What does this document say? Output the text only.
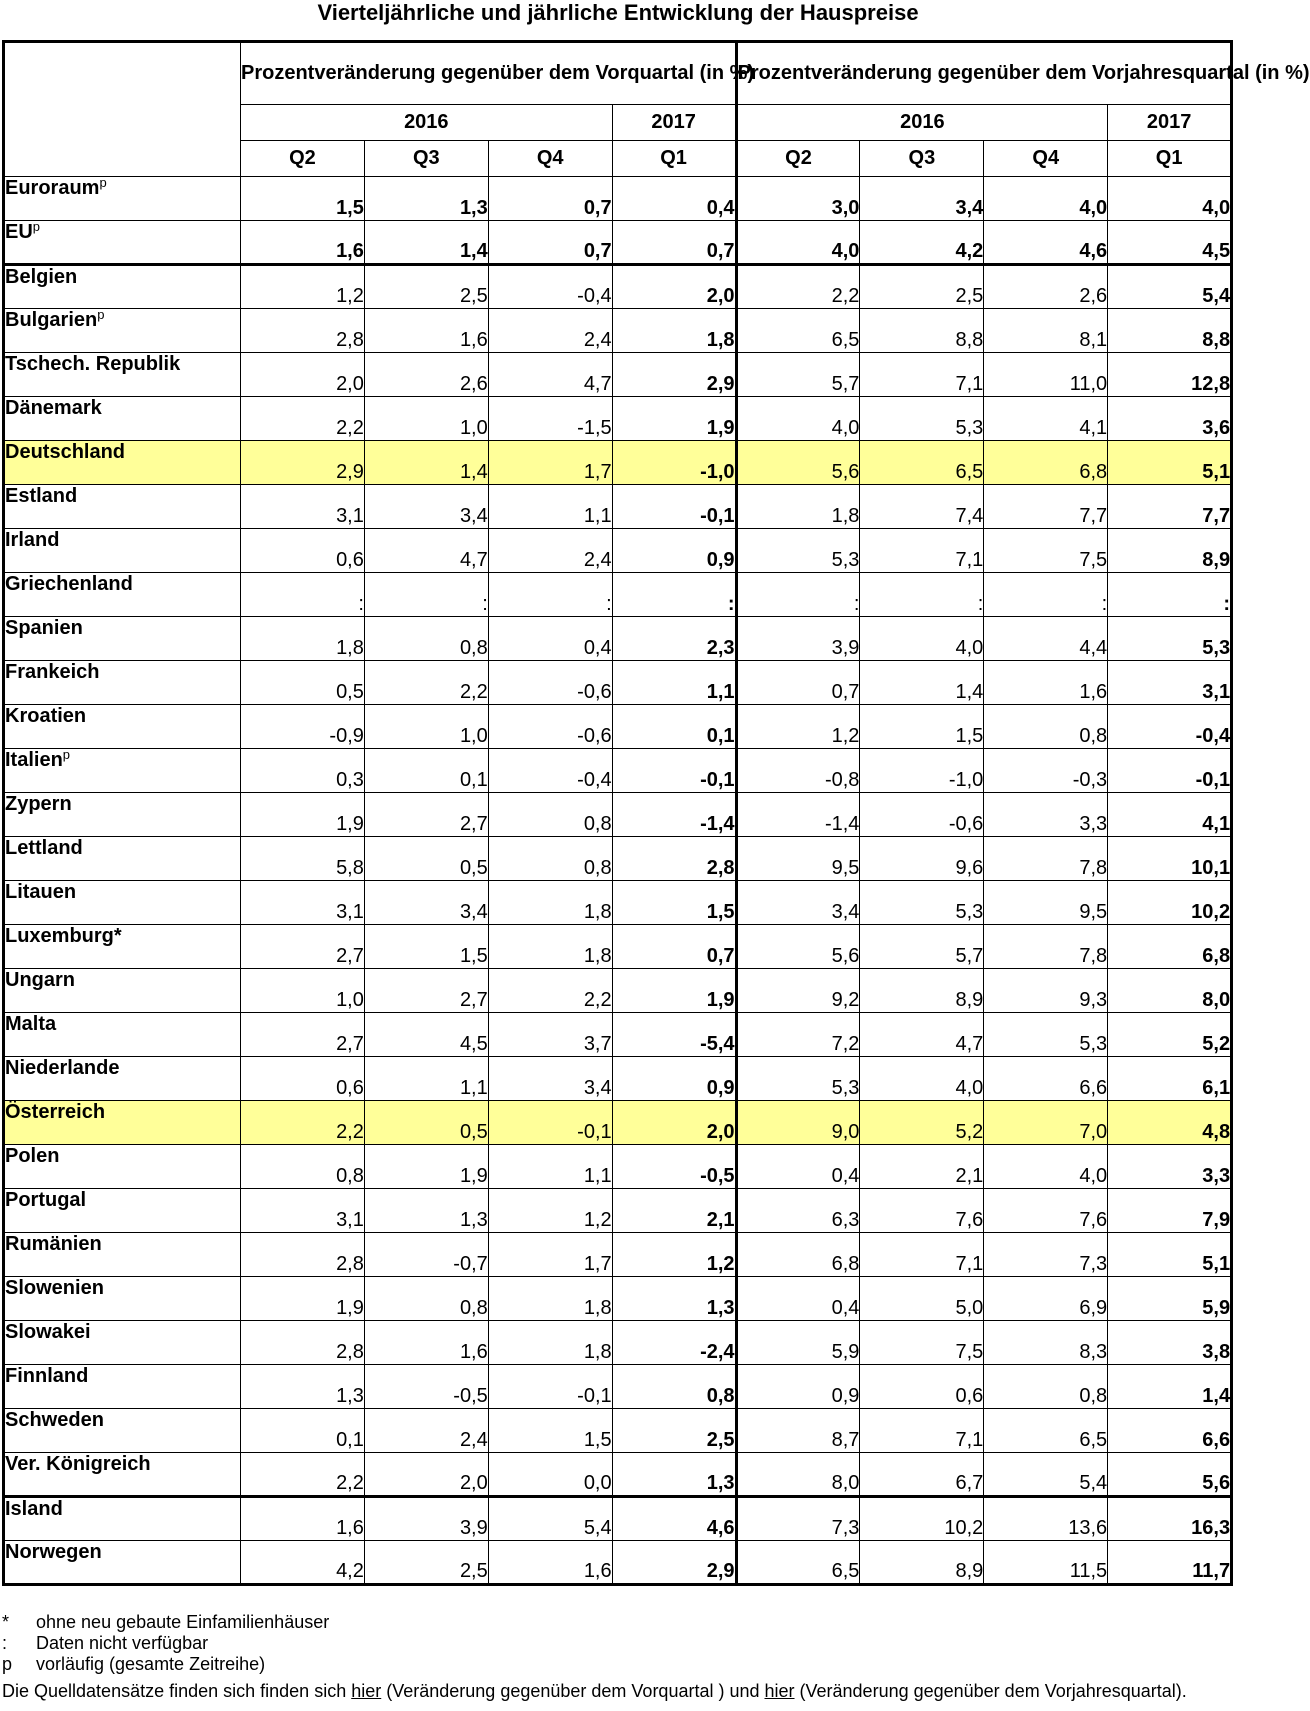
Vierteljährliche und jährliche Entwicklung der Hauspreise
	Prozentveränderung gegenüber dem Vorquartal (in %)				Prozentveränderung gegenüber dem Vorjahresquartal (in %)			
	2016			2017	2016			2017
	Q2	Q3	Q4	Q1	Q2	Q3	Q4	Q1
Euroraum$^p$	1,5	1,3	0,7	0,4	3,0	3,4	4,0	4,0
$EU^p$	1,6	1,4	0,7	0,7	4,0	4,2	4,6	4,5
Belgien	1,2	2,5	-0,4	2,0	2,2	2,5	2,6	5,4
Bulgarien$^p$	2,8	1,6	2,4	1,8	6,5	8,8	8,1	8,8
Tschech. Republik	2,0	2,6	4,7	2,9	5,7	7,1	11,0	12,8
Dänemark	2,2	1,0	-1,5	1,9	4,0	5,3	4,1	3,6
Deutschland	2,9	1,4	1,7	-1,0	5,6	6,5	6,8	5,1
Estland	3,1	3,4	1,1	-0,1	1,8	7,4	7,7	7,7
Irland	0,6	4,7	2,4	0,9	5,3	7,1	7,5	8,9
Griechenland	:	:	:	:	:	:	:	:
Spanien	1,8	0,8	0,4	2,3	3,9	4,0	4,4	5,3
Frankeich	0,5	2,2	-0,6	1,1	0,7	1,4	1,6	3,1
Kroatien	-0,9	1,0	-0,6	0,1	1,2	1,5	0,8	-0,4
Italien$^p$	0,3	0,1	-0,4	-0,1	-0,8	-1,0	-0,3	-0,1
Zypern	1,9	2,7	0,8	-1,4	-1,4	-0,6	3,3	4,1
Lettland	5,8	0,5	0,8	2,8	9,5	9,6	7,8	10,1
Litauen	3,1	3,4	1,8	1,5	3,4	5,3	9,5	10,2
Luxemburg*	2,7	1,5	1,8	0,7	5,6	5,7	7,8	6,8
Ungarn	1,0	2,7	2,2	1,9	9,2	8,9	9,3	8,0
Malta	2,7	4,5	3,7	-5,4	7,2	4,7	5,3	5,2
Niederlande	0,6	1,1	3,4	0,9	5,3	4,0	6,6	6,1
Österreich	2,2	0,5	-0,1	2,0	9,0	5,2	7,0	4,8
Polen	0,8	1,9	1,1	-0,5	0,4	2,1	4,0	3,3
Portugal	3,1	1,3	1,2	2,1	6,3	7,6	7,6	7,9
Rumänien	2,8	-0,7	1,7	1,2	6,8	7,1	7,3	5,1
Slowenien	1,9	0,8	1,8	1,3	0,4	5,0	6,9	5,9
Slowakei	2,8	1,6	1,8	-2,4	5,9	7,5	8,3	3,8
Finnland	1,3	-0,5	-0,1	0,8	0,9	0,6	0,8	1,4
Schweden	0,1	2,4	1,5	2,5	8,7	7,1	6,5	6,6
Ver. Königreich	2,2	2,0	0,0	1,3	8,0	6,7	5,4	5,6
Island	1,6	3,9	5,4	4,6	7,3	10,2	13,6	16,3
Norwegen	4,2	2,5	1,6	2,9	6,5	8,9	11,5	11,7
*	ohne neu gebaute Einfamilienhäuser
:	Daten nicht verfügbar
p	vorläufig (gesamte Zeitreihe)
Die Quelldatensätze finden sich finden sich hier (Veränderung gegenüber dem Vorquartal ) und hier (Veränderung gegenüber dem Vorjahresquartal).
